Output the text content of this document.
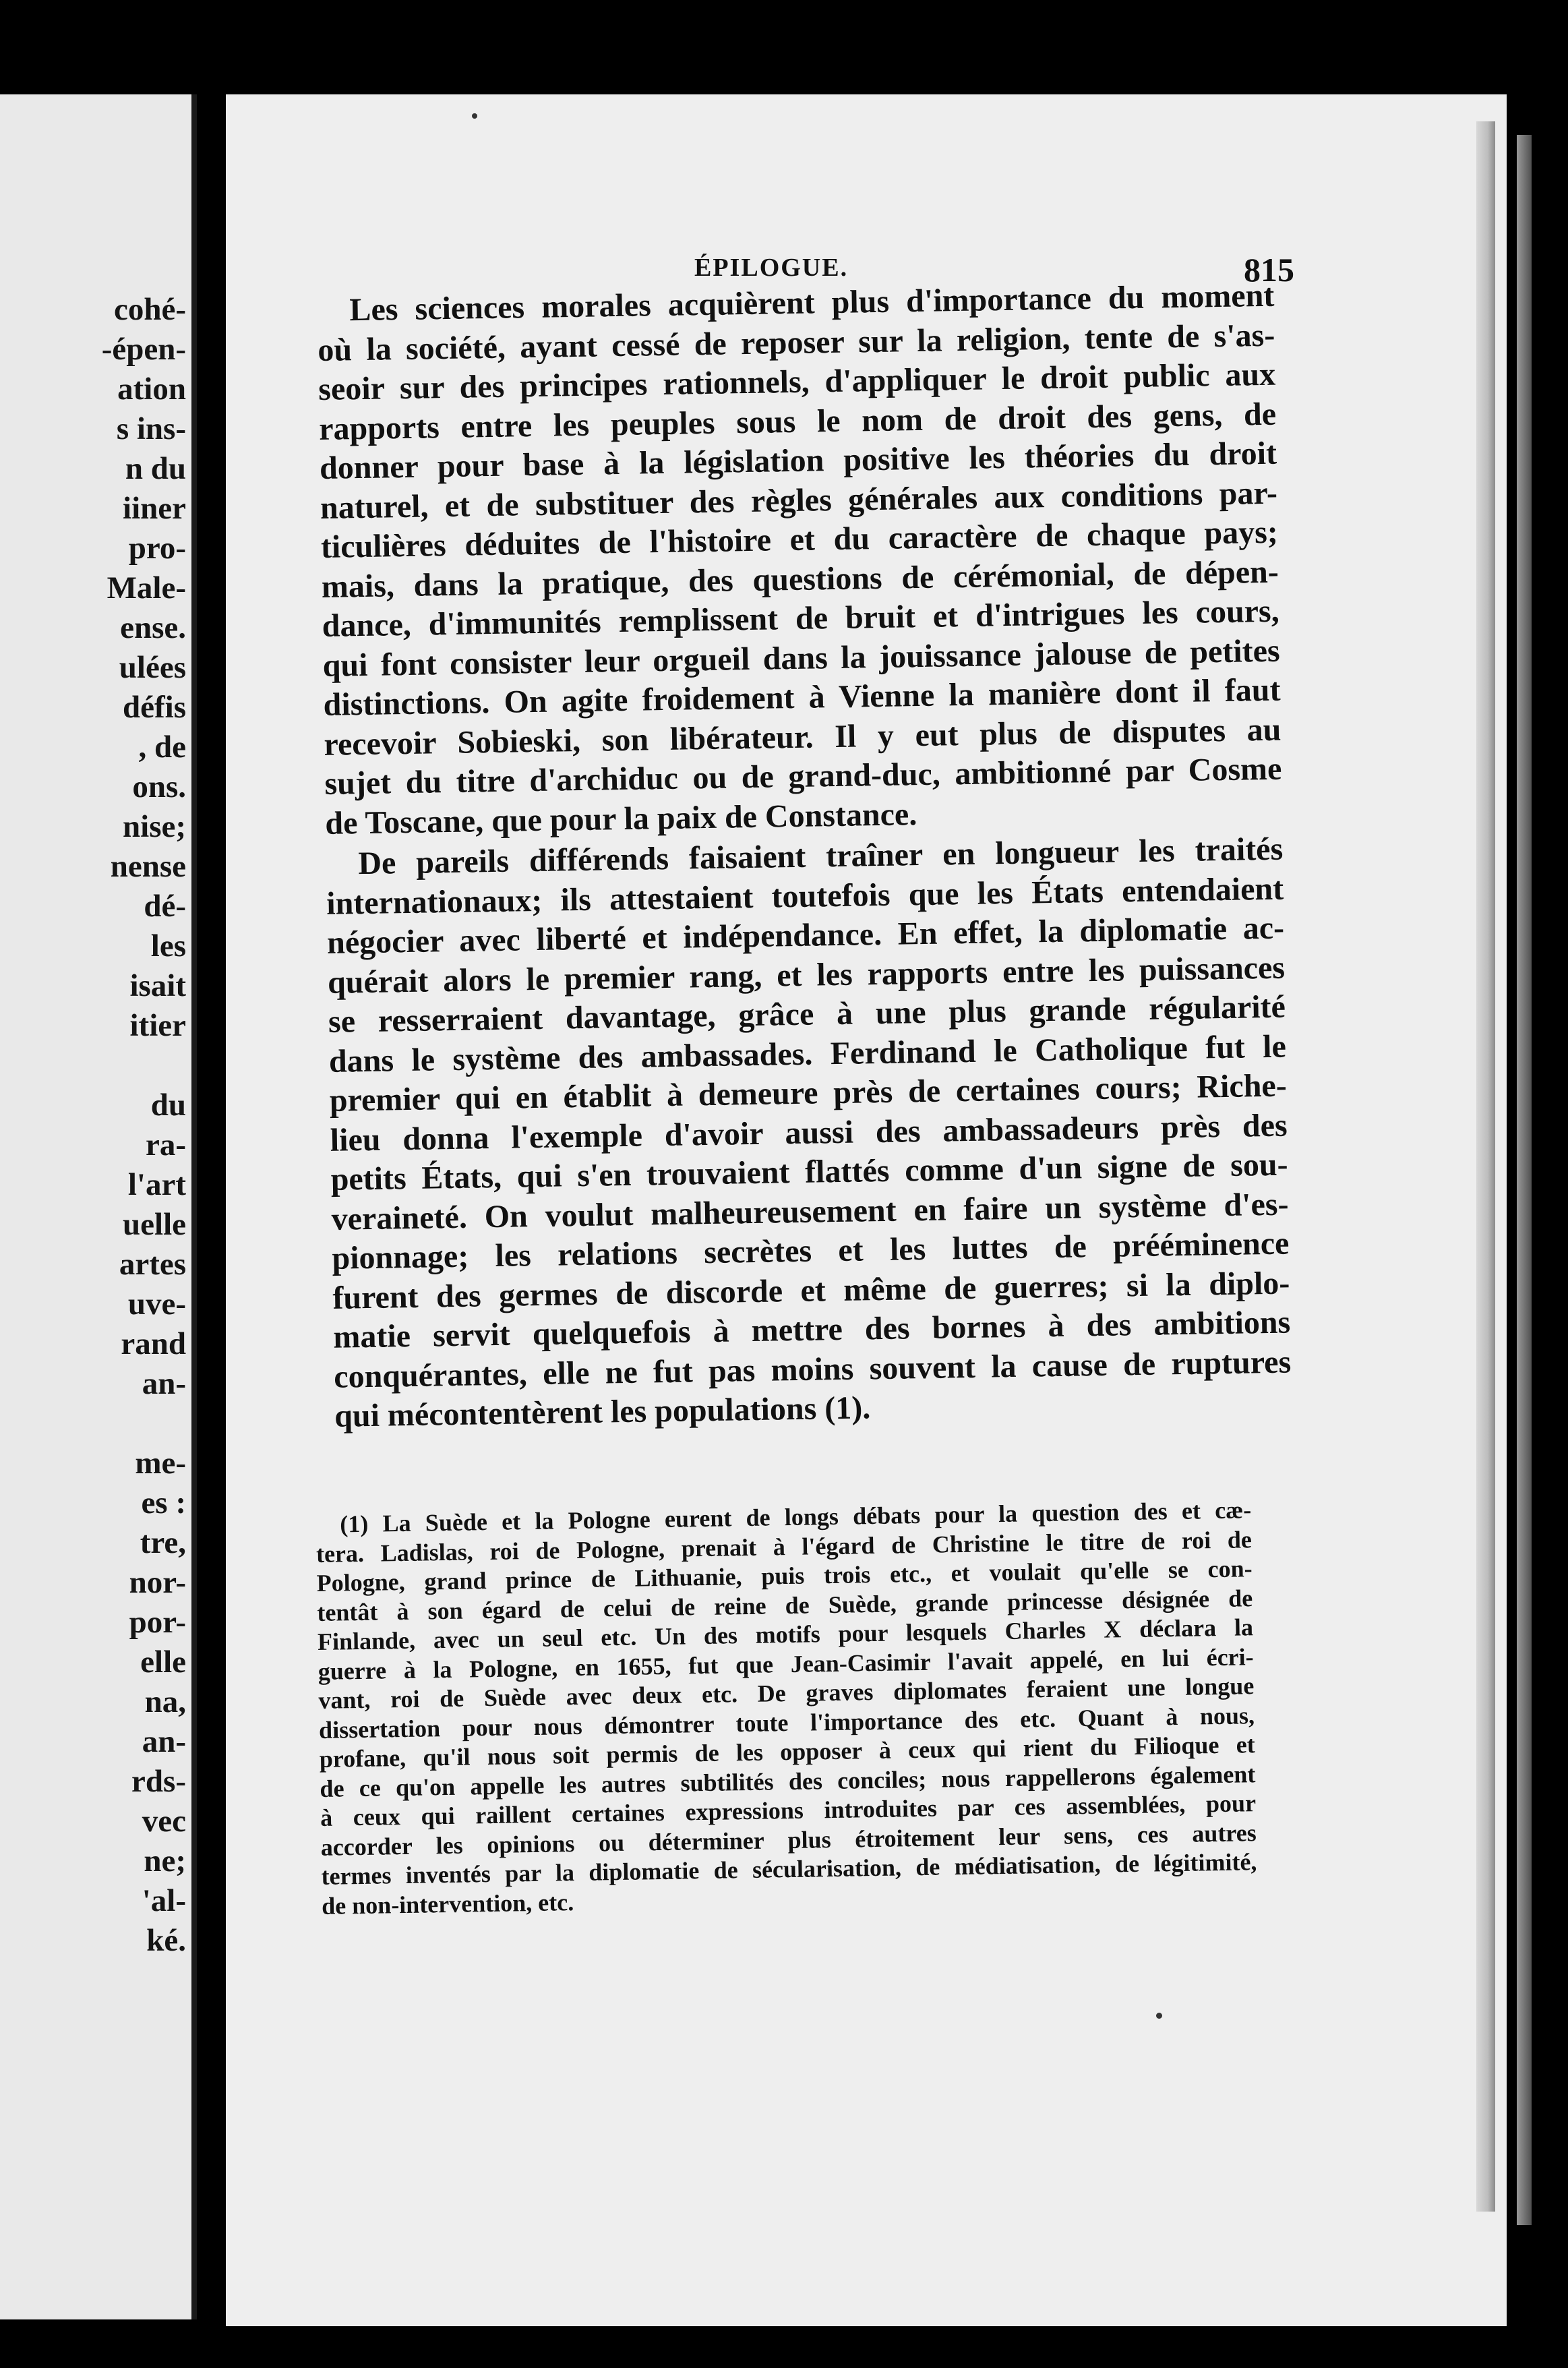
cohé-
-épen-
ation
s ins-
n du
iiner
pro-
Male-
ense.
ulées
défis
, de
ons.
nise;
nense
dé-
les
isait
itier

du
ra-
l'art
uelle
artes
uve-
rand
an-

me-
es :
tre,
nor-
por-
elle
na,
an-
rds-
vec
ne;
'al-
ké.
ÉPILOGUE.	815
Les sciences morales acquièrent plus d'importance du moment
où la société, ayant cessé de reposer sur la religion, tente de s'as-
seoir sur des principes rationnels, d'appliquer le droit public aux
rapports entre les peuples sous le nom de droit des gens, de
donner pour base à la législation positive les théories du droit
naturel, et de substituer des règles générales aux conditions par-
ticulières déduites de l'histoire et du caractère de chaque pays;
mais, dans la pratique, des questions de cérémonial, de dépen-
dance, d'immunités remplissent de bruit et d'intrigues les cours,
qui font consister leur orgueil dans la jouissance jalouse de petites
distinctions. On agite froidement à Vienne la manière dont il faut
recevoir Sobieski, son libérateur. Il y eut plus de disputes au
sujet du titre d'archiduc ou de grand-duc, ambitionné par Cosme
de Toscane, que pour la paix de Constance.
De pareils différends faisaient traîner en longueur les traités
internationaux; ils attestaient toutefois que les États entendaient
négocier avec liberté et indépendance. En effet, la diplomatie ac-
quérait alors le premier rang, et les rapports entre les puissances
se resserraient davantage, grâce à une plus grande régularité
dans le système des ambassades. Ferdinand le Catholique fut le
premier qui en établit à demeure près de certaines cours; Riche-
lieu donna l'exemple d'avoir aussi des ambassadeurs près des
petits États, qui s'en trouvaient flattés comme d'un signe de sou-
veraineté. On voulut malheureusement en faire un système d'es-
pionnage; les relations secrètes et les luttes de prééminence
furent des germes de discorde et même de guerres; si la diplo-
matie servit quelquefois à mettre des bornes à des ambitions
conquérantes, elle ne fut pas moins souvent la cause de ruptures
qui mécontentèrent les populations (1).
(1) La Suède et la Pologne eurent de longs débats pour la question des et cæ-
tera. Ladislas, roi de Pologne, prenait à l'égard de Christine le titre de roi de
Pologne, grand prince de Lithuanie, puis trois etc., et voulait qu'elle se con-
tentât à son égard de celui de reine de Suède, grande princesse désignée de
Finlande, avec un seul etc. Un des motifs pour lesquels Charles X déclara la
guerre à la Pologne, en 1655, fut que Jean-Casimir l'avait appelé, en lui écri-
vant, roi de Suède avec deux etc. De graves diplomates feraient une longue
dissertation pour nous démontrer toute l'importance des etc. Quant à nous,
profane, qu'il nous soit permis de les opposer à ceux qui rient du Filioque et
de ce qu'on appelle les autres subtilités des conciles; nous rappellerons également
à ceux qui raillent certaines expressions introduites par ces assemblées, pour
accorder les opinions ou déterminer plus étroitement leur sens, ces autres
termes inventés par la diplomatie de sécularisation, de médiatisation, de légitimité,
de non-intervention, etc.
